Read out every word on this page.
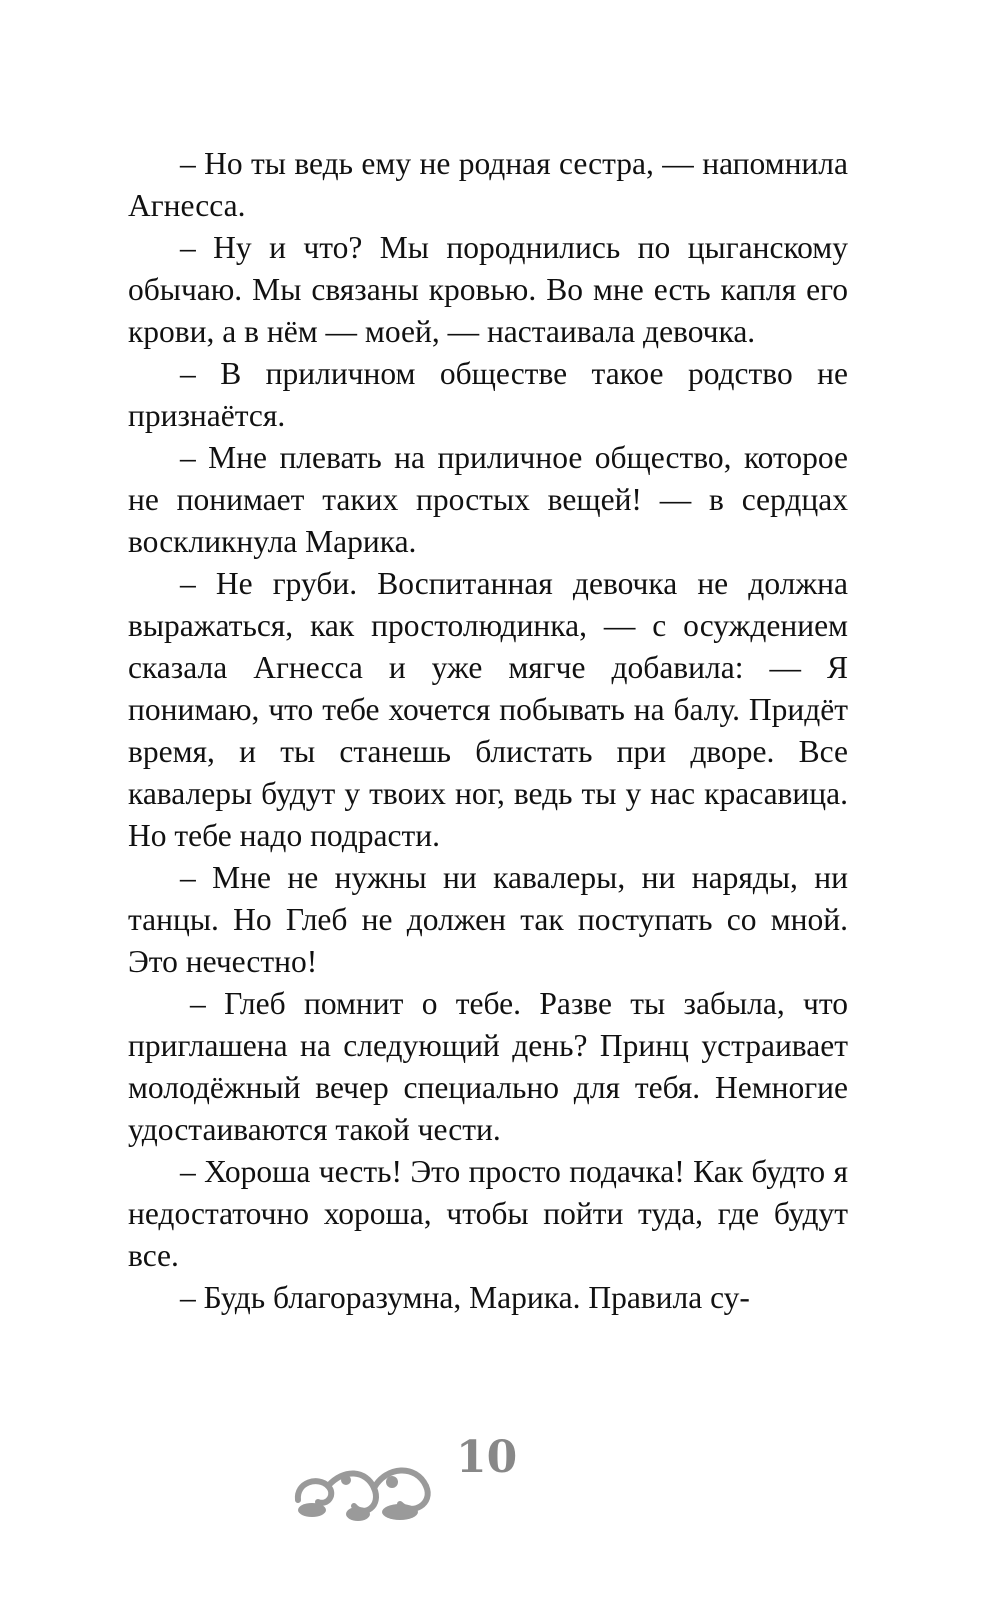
– Но ты ведь ему не родная сестра, — напомнила Агнесса.

– Ну и что? Мы породнились по цыганскому обычаю. Мы связаны кровью. Во мне есть капля его крови, а в нём — моей, — настаивала девочка.

– В приличном обществе такое родство не признаётся.

– Мне плевать на приличное общество, которое не понимает таких простых вещей! — в сердцах воскликнула Марика.

– Не груби. Воспитанная девочка не должна выражаться, как простолюдинка, — с осуждением сказала Агнесса и уже мягче добавила: — Я понимаю, что тебе хочется побывать на балу. Придёт время, и ты станешь блистать при дворе. Все кавалеры будут у твоих ног, ведь ты у нас красавица. Но тебе надо подрасти.

– Мне не нужны ни кавалеры, ни наряды, ни танцы. Но Глеб не должен так поступать со мной. Это нечестно!

– Глеб помнит о тебе. Разве ты забыла, что приглашена на следующий день? Принц устраивает молодёжный вечер специально для тебя. Немногие удостаиваются такой чести.

– Хороша честь! Это просто подачка! Как будто я недостаточно хороша, чтобы пойти туда, где будут все.

– Будь благоразумна, Марика. Правила су-

10
